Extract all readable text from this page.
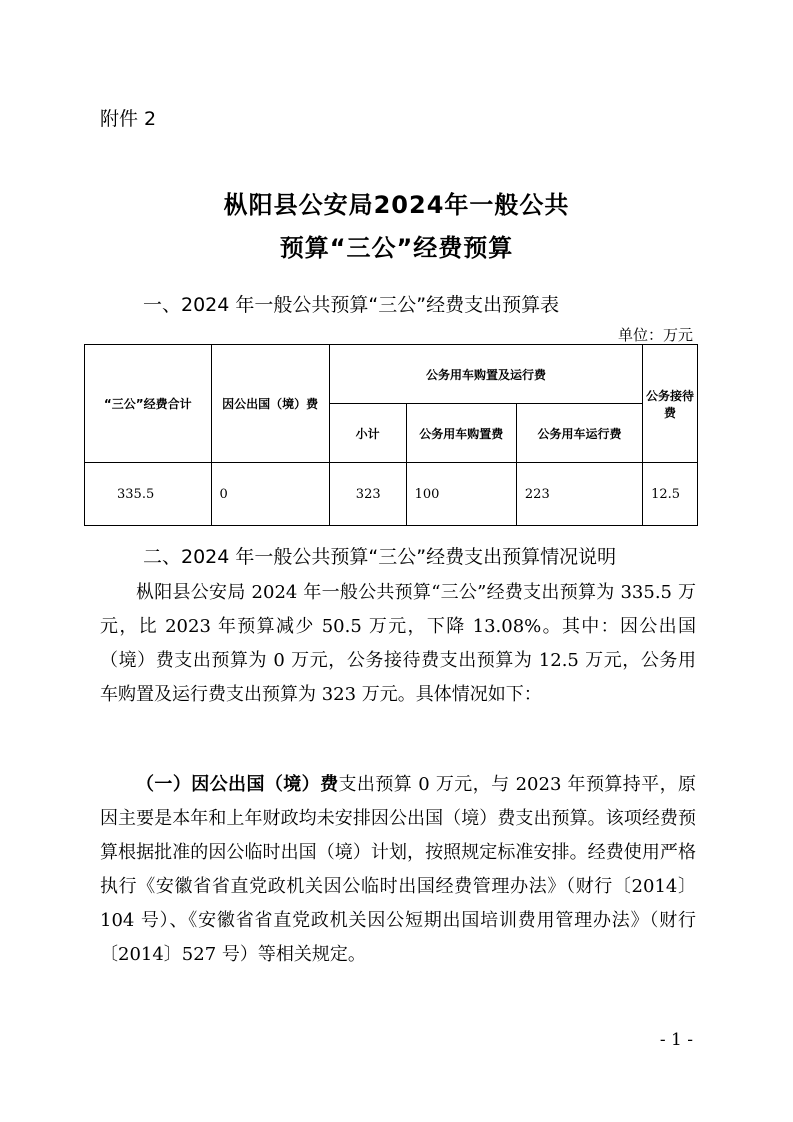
附件 2
枞阳县公安局2024年一般公共
预算“三公”经费预算
一、2024 年一般公共预算“三公”经费支出预算表
单位：万元
“三公”经费合计	因公出国（境）费	公务用车购置及运行费			公务接待费
		小计	公务用车购置费	公务用车运行费	
335.5	0	323	100	223	12.5
二、2024 年一般公共预算“三公”经费支出预算情况说明
枞阳县公安局 2024 年一般公共预算“三公”经费支出预算为 335.5 万元，比 2023 年预算减少 50.5 万元，下降 13.08%。其中：因公出国（境）费支出预算为 0 万元，公务接待费支出预算为 12.5 万元，公务用车购置及运行费支出预算为 323 万元。具体情况如下：
（一）因公出国（境）费支出预算 0 万元，与 2023 年预算持平，原因主要是本年和上年财政均未安排因公出国（境）费支出预算。该项经费预算根据批准的因公临时出国（境）计划，按照规定标准安排。经费使用严格执行《安徽省省直党政机关因公临时出国经费管理办法》（财行〔2014〕104 号）、《安徽省省直党政机关因公短期出国培训费用管理办法》（财行〔2014〕527 号）等相关规定。
- 1 -
